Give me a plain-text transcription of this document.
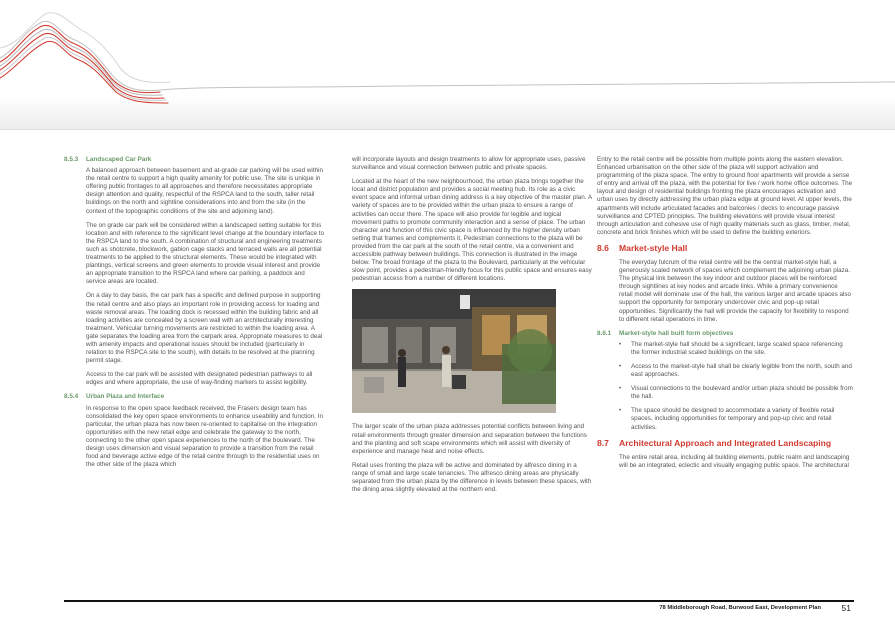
8.5.3 Landscaped Car Park

A balanced approach between basement and at-grade car parking will be used within the retail centre to support a high quality amenity for public use. The site is unique in offering public frontages to all approaches and therefore necessitates appropriate design attention and quality, respectful of the RSPCA land to the south, taller retail buildings on the north and sightline considerations into and from the site (in the context of the topographic conditions of the site and adjoining land).

The on grade car park will be considered within a landscaped setting suitable for this location and with reference to the significant level change at the boundary interface to the RSPCA land to the south. A combination of structural and engineering treatments such as shotcrete, blockwork, gabion cage stacks and terraced walls are all potential treatments to be applied to the structural elements. These would be integrated with plantings, vertical screens and green elements to provide visual interest and provide an appropriate transition to the RSPCA land where car parking, a paddock and service areas are located.

On a day to day basis, the car park has a specific and defined purpose in supporting the retail centre and also plays an important role in providing access for loading and waste removal areas. The loading dock is recessed within the building fabric and all loading activities are concealed by a screen wall with an architecturally interesting treatment. Vehicular turning movements are restricted to within the loading area. A gate separates the loading area from the carpark area. Appropriate measures to deal with amenity impacts and operational issues should be included (particularly in relation to the RSPCA site to the south), with details to be resolved at the planning permit stage.

Access to the car park will be assisted with designated pedestrian pathways to all edges and where appropriate, the use of way-finding markers to assist legibility.

8.5.4 Urban Plaza and Interface

In response to the open space feedback received, the Frasers design team has consolidated the key open space environments to enhance useability and function. In particular, the urban plaza has now been re-oriented to capitalise on the integration opportunities with the new retail edge and celebrate the gateway to the north, connecting to the other open space experiences to the north of the boulevard. The design uses dimension and visual separation to provide a transition from the retail food and beverage active edge of the retail centre through to the residential uses on the other side of the plaza which

will incorporate layouts and design treatments to allow for appropriate uses, passive surveillance and visual connection between public and private spaces.

Located at the heart of the new neighbourhood, the urban plaza brings together the local and district population and provides a social meeting hub. Its role as a civic event space and informal urban dining address is a key objective of the master plan. A variety of spaces are to be provided within the urban plaza to ensure a range of activities can occur there. The space will also provide for legible and logical movement paths to promote community interaction and a sense of place. The urban character and function of this civic space is influenced by the higher density urban setting that frames and complements it. Pedestrian connections to the plaza will be provided from the car park at the south of the retail centre, via a convenient and accessible pathway between buildings. This connection is illustrated in the image below. The broad frontage of the plaza to the Boulevard, particularly at the vehicular slow point, provides a pedestrian-friendly focus for this public space and ensures easy pedestrian access from a number of different locations.

The larger scale of the urban plaza addresses potential conflicts between living and retail environments through greater dimension and separation between the functions and the planting and soft scape environments which will assist with diversity of experience and manage heat and noise effects.

Retail uses fronting the plaza will be active and dominated by alfresco dining in a range of small and large scale tenancies. The alfresco dining areas are physically separated from the urban plaza by the difference in levels between these spaces, with the dining area slightly elevated at the northern end.

Entry to the retail centre will be possible from multiple points along the eastern elevation. Enhanced urbanisation on the other side of the plaza will support activation and programming of the plaza space. The entry to ground floor apartments will provide a sense of entry and arrival off the plaza, with the potential for live / work home office outcomes. The layout and design of residential buildings fronting the plaza encourages activation and urban uses by directly addressing the urban plaza edge at ground level. At upper levels, the apartments will include articulated facades and balconies / decks to encourage passive surveillance and CPTED principles. The building elevations will provide visual interest through articulation and cohesive use of high quality materials such as glass, timber, metal, concrete and brick finishes which will be used to define the building exteriors.

8.6 Market-style Hall

The everyday fulcrum of the retail centre will be the central market-style hall, a generously scaled network of spaces which complement the adjoining urban plaza. The physical link between the key indoor and outdoor places will be reinforced through sightlines at key nodes and arcade links. While a primary convenience retail model will dominate use of the hall, the various larger and arcade spaces also support the opportunity for temporary undercover civic and pop-up retail opportunities. Significantly the hall will provide the capacity for flexibility to respond to different retail operations in time.

8.6.1 Market-style hall built form objectives
• The market-style hall should be a significant, large scaled space referencing the former industrial scaled buildings on the site.
• Access to the market-style hall shall be clearly legible from the north, south and east approaches.
• Visual connections to the boulevard and/or urban plaza should be possible from the hall.
• The space should be designed to accommodate a variety of flexible retail spaces, including opportunities for temporary and pop-up civic and retail activities.
8.7 Architectural Approach and Integrated Landscaping

The entire retail area, including all building elements, public realm and landscaping will be an integrated, eclectic and visually engaging public space. The architectural

78 Middleborough Road, Burwood East, Development Plan 51
